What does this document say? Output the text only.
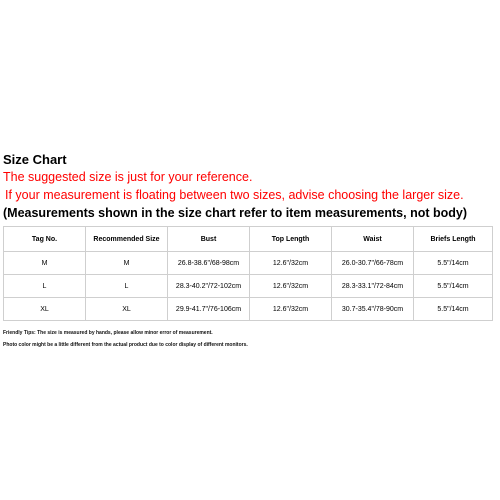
Size Chart
The suggested size is just for your reference.
If your measurement is floating between two sizes, advise choosing the larger size.
(Measurements shown in the size chart refer to item measurements, not body)
Tag No.	Recommended Size	Bust	Top Length	Waist	Briefs Length
M	M	26.8-38.6"/68-98cm	12.6"/32cm	26.0-30.7"/66-78cm	5.5"/14cm
L	L	28.3-40.2"/72-102cm	12.6"/32cm	28.3-33.1"/72-84cm	5.5"/14cm
XL	XL	29.9-41.7"/76-106cm	12.6"/32cm	30.7-35.4"/78-90cm	5.5"/14cm
Friendly Tips: The size is measured by hands, please allow minor error of measurement.
Photo color might be a little different from the actual product due to color display of different monitors.
